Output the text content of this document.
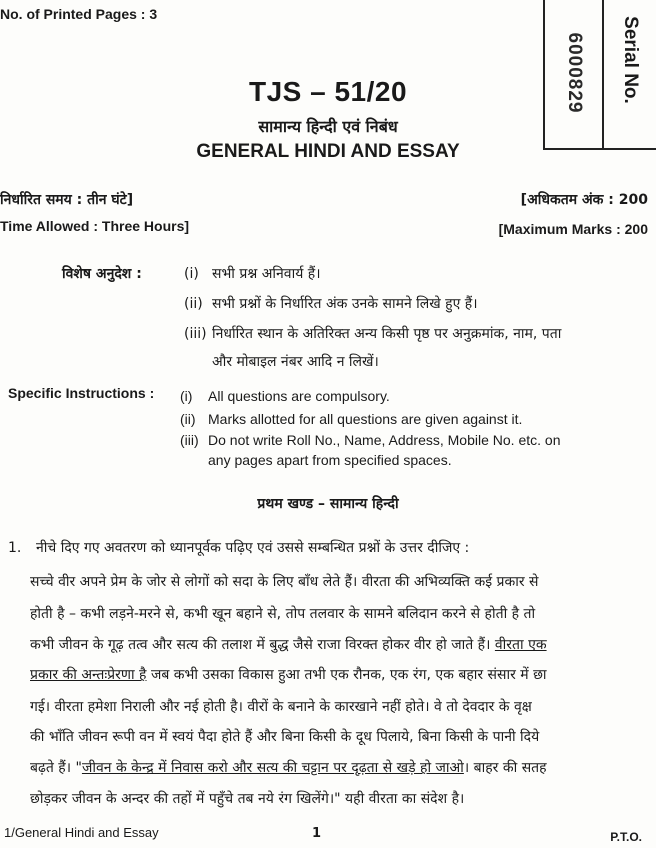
No. of Printed Pages : 3
6000829 Serial No.
TJS – 51/20
सामान्य हिन्दी एवं निबंध
GENERAL HINDI AND ESSAY
निर्धारित समय : तीन घंटे]	[अधिकतम अंक : 200
Time Allowed : Three Hours]	[Maximum Marks : 200
विशेष अनुदेश :	(i) सभी प्रश्न अनिवार्य हैं।
(ii) सभी प्रश्नों के निर्धारित अंक उनके सामने लिखे हुए हैं।
(iii) निर्धारित स्थान के अतिरिक्त अन्य किसी पृष्ठ पर अनुक्रमांक, नाम, पता
और मोबाइल नंबर आदि न लिखें।
Specific Instructions : (i) All questions are compulsory.
(ii) Marks allotted for all questions are given against it.
(iii) Do not write Roll No., Name, Address, Mobile No. etc. on
any pages apart from specified spaces.
प्रथम खण्ड – सामान्य हिन्दी
1. नीचे दिए गए अवतरण को ध्यानपूर्वक पढ़िए एवं उससे सम्बन्धित प्रश्नों के उत्तर दीजिए :
सच्चे वीर अपने प्रेम के जोर से लोगों को सदा के लिए बाँध लेते हैं। वीरता की अभिव्यक्ति कई प्रकार से
होती है – कभी लड़ने-मरने से, कभी खून बहाने से, तोप तलवार के सामने बलिदान करने से होती है तो
कभी जीवन के गूढ़ तत्व और सत्य की तलाश में बुद्ध जैसे राजा विरक्त होकर वीर हो जाते हैं। वीरता एक
प्रकार की अन्तःप्रेरणा है जब कभी उसका विकास हुआ तभी एक रौनक, एक रंग, एक बहार संसार में छा
गई। वीरता हमेशा निराली और नई होती है। वीरों के बनाने के कारखाने नहीं होते। वे तो देवदार के वृक्ष
की भाँति जीवन रूपी वन में स्वयं पैदा होते हैं और बिना किसी के दूध पिलाये, बिना किसी के पानी दिये
बढ़ते हैं। "जीवन के केन्द्र में निवास करो और सत्य की चट्टान पर दृढ़ता से खड़े हो जाओ। बाहर की सतह
छोड़कर जीवन के अन्दर की तहों में पहुँचे तब नये रंग खिलेंगे।" यही वीरता का संदेश है।
1/General Hindi and Essay	1	P.T.O.
